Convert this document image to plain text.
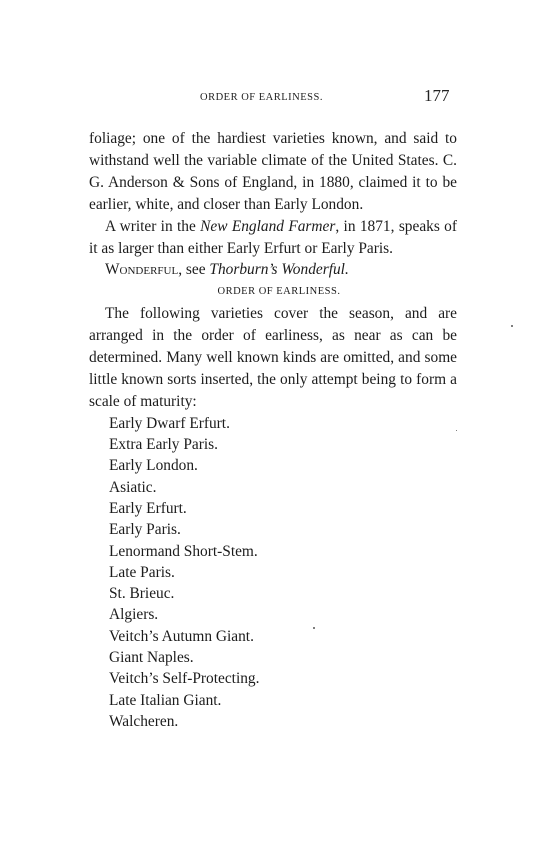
ORDER OF EARLINESS.	177

foliage; one of the hardiest varieties known, and said to withstand well the variable climate of the United States. C. G. Anderson & Sons of England, in 1880, claimed it to be earlier, white, and closer than Early London.

A writer in the New England Farmer, in 1871, speaks of it as larger than either Early Erfurt or Early Paris.

Wonderful, see Thorburn’s Wonderful.

ORDER OF EARLINESS.

The following varieties cover the season, and are arranged in the order of earliness, as near as can be determined. Many well known kinds are omitted, and some little known sorts inserted, the only attempt being to form a scale of maturity:

Early Dwarf Erfurt.
Extra Early Paris.
Early London.
Asiatic.
Early Erfurt.
Early Paris.
Lenormand Short-Stem.
Late Paris.
St. Brieuc.
Algiers.
Veitch’s Autumn Giant.
Giant Naples.
Veitch’s Self-Protecting.
Late Italian Giant.
Walcheren.
